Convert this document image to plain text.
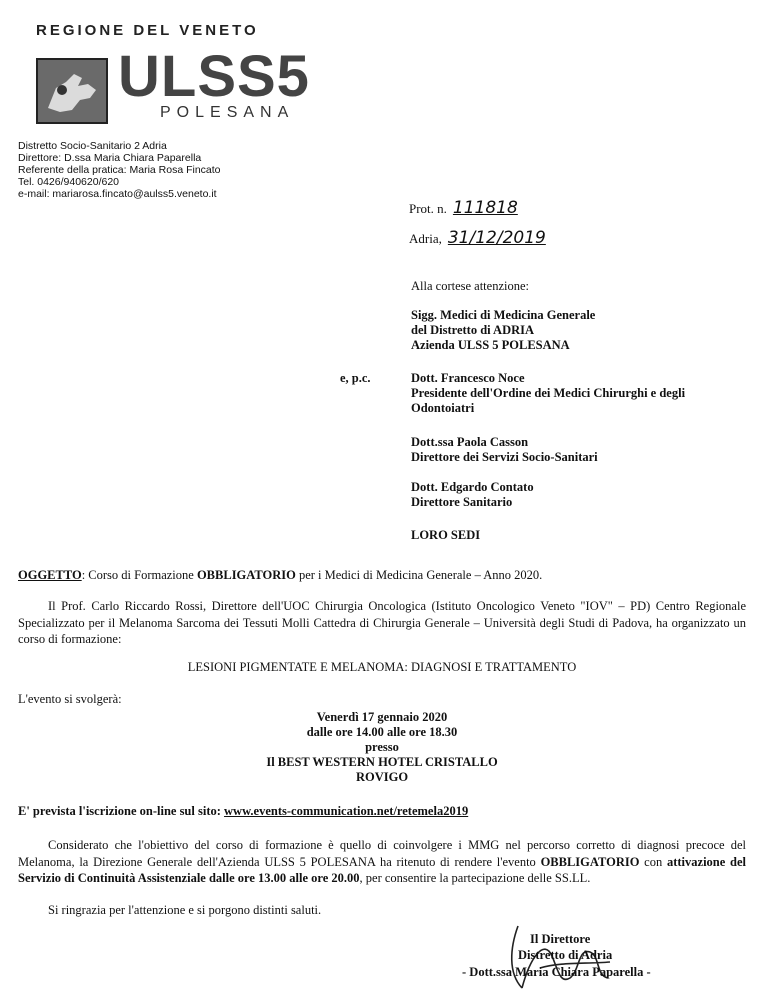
REGIONE DEL VENETO
ULSS5
POLESANA
Distretto Socio-Sanitario 2 Adria
Direttore: D.ssa Maria Chiara Paparella
Referente della pratica: Maria Rosa Fincato
Tel. 0426/940620/620
e-mail: mariarosa.fincato@aulss5.veneto.it
Prot. n. 111818
Adria, 31/12/2019
Alla cortese attenzione:
Sigg. Medici di Medicina Generale
del Distretto di ADRIA
Azienda ULSS 5 POLESANA
e, p.c.	Dott. Francesco Noce
Presidente dell'Ordine dei Medici Chirurghi e degli
Odontoiatri
Dott.ssa Paola Casson
Direttore dei Servizi Socio-Sanitari
Dott. Edgardo Contato
Direttore Sanitario
LORO SEDI
OGGETTO: Corso di Formazione OBBLIGATORIO per i Medici di Medicina Generale – Anno 2020.
Il Prof. Carlo Riccardo Rossi, Direttore dell'UOC Chirurgia Oncologica (Istituto Oncologico Veneto "IOV" – PD) Centro Regionale Specializzato per il Melanoma Sarcoma dei Tessuti Molli Cattedra di Chirurgia Generale – Università degli Studi di Padova, ha organizzato un corso di formazione:
LESIONI PIGMENTATE E MELANOMA: DIAGNOSI E TRATTAMENTO
L'evento si svolgerà:
Venerdì 17 gennaio 2020
dalle ore 14.00 alle ore 18.30
presso
Il BEST WESTERN HOTEL CRISTALLO
ROVIGO
E' prevista l'iscrizione on-line sul sito: www.events-communication.net/retemela2019
Considerato che l'obiettivo del corso di formazione è quello di coinvolgere i MMG nel percorso corretto di diagnosi precoce del Melanoma, la Direzione Generale dell'Azienda ULSS 5 POLESANA ha ritenuto di rendere l'evento OBBLIGATORIO con attivazione del Servizio di Continuità Assistenziale dalle ore 13.00 alle ore 20.00, per consentire la partecipazione delle SS.LL.
Si ringrazia per l'attenzione e si porgono distinti saluti.
Il Direttore
Distretto di Adria
- Dott.ssa Maria Chiara Paparella -
